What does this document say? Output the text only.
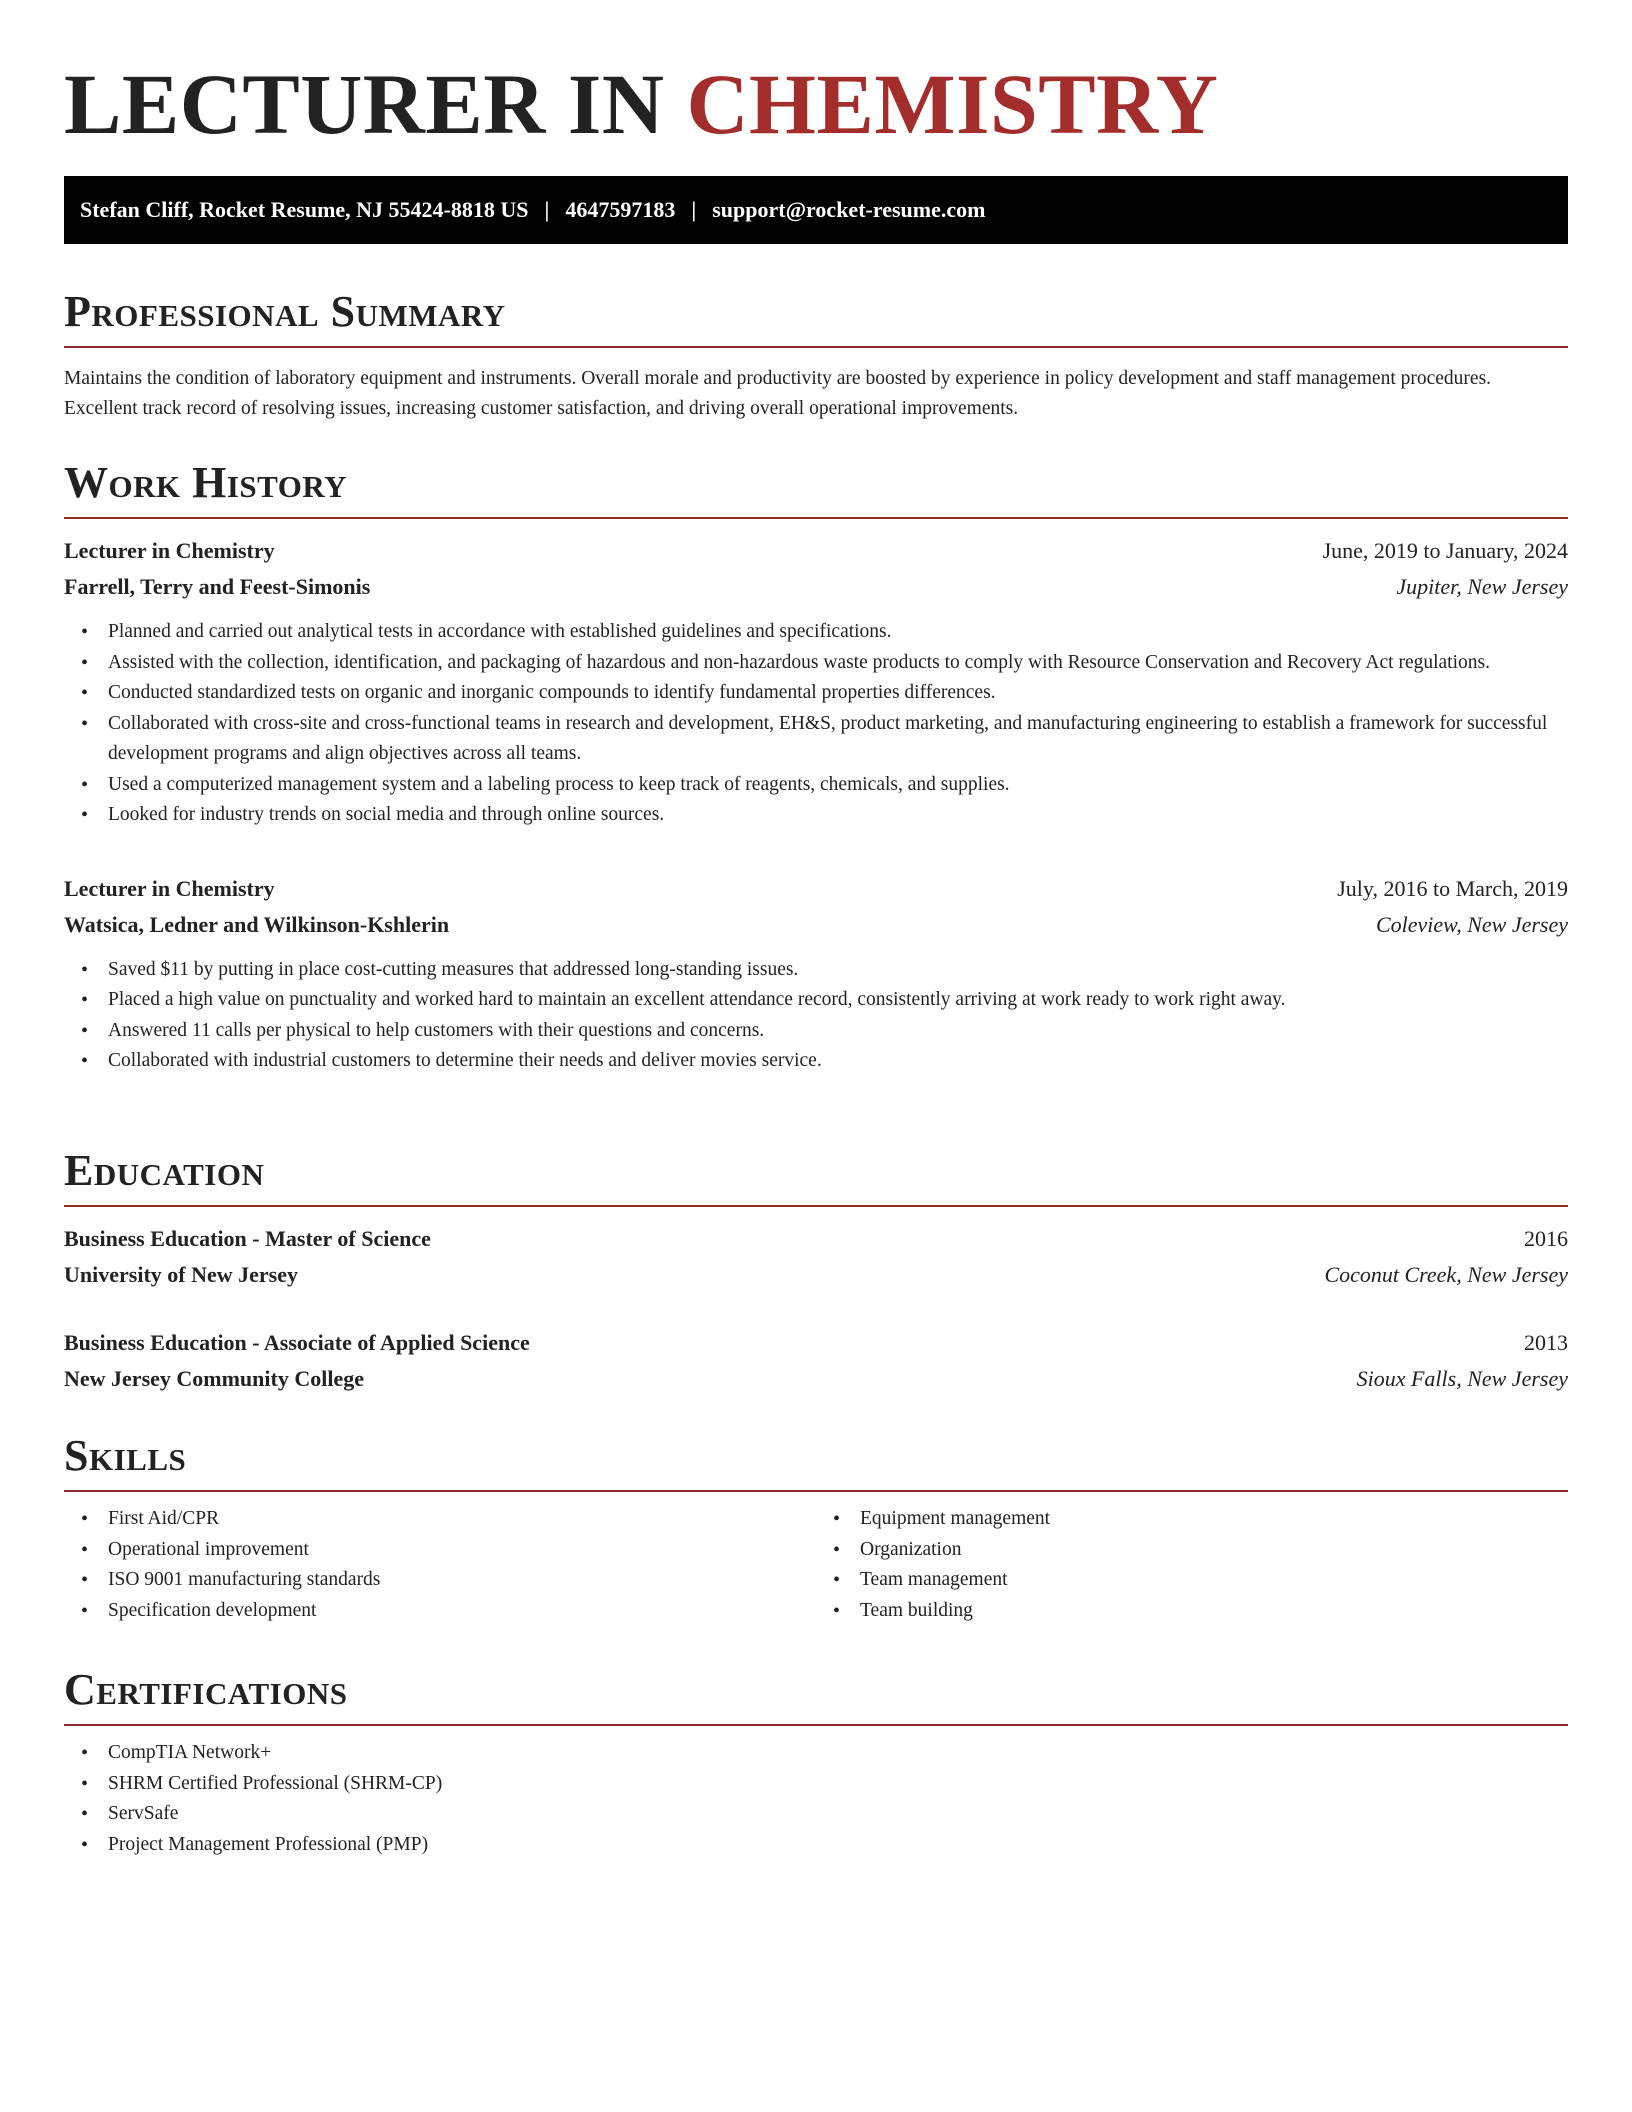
LECTURER IN CHEMISTRY
Stefan Cliff, Rocket Resume, NJ 55424-8818 US | 4647597183 | support@rocket-resume.com
Professional Summary

Maintains the condition of laboratory equipment and instruments. Overall morale and productivity are boosted by experience in policy development and staff management procedures. Excellent track record of resolving issues, increasing customer satisfaction, and driving overall operational improvements.

Work History
Lecturer in Chemistry	June, 2019 to January, 2024
Farrell, Terry and Feest-Simonis	Jupiter, New Jersey
• Planned and carried out analytical tests in accordance with established guidelines and specifications.
• Assisted with the collection, identification, and packaging of hazardous and non-hazardous waste products to comply with Resource Conservation and Recovery Act regulations.
• Conducted standardized tests on organic and inorganic compounds to identify fundamental properties differences.
• Collaborated with cross-site and cross-functional teams in research and development, EH&S, product marketing, and manufacturing engineering to establish a framework for successful development programs and align objectives across all teams.
• Used a computerized management system and a labeling process to keep track of reagents, chemicals, and supplies.
• Looked for industry trends on social media and through online sources.
Lecturer in Chemistry	July, 2016 to March, 2019
Watsica, Ledner and Wilkinson-Kshlerin	Coleview, New Jersey
• Saved $11 by putting in place cost-cutting measures that addressed long-standing issues.
• Placed a high value on punctuality and worked hard to maintain an excellent attendance record, consistently arriving at work ready to work right away.
• Answered 11 calls per physical to help customers with their questions and concerns.
• Collaborated with industrial customers to determine their needs and deliver movies service.
Education
Business Education - Master of Science	2016
University of New Jersey	Coconut Creek, New Jersey
Business Education - Associate of Applied Science	2013
New Jersey Community College	Sioux Falls, New Jersey
Skills
• First Aid/CPR
• Operational improvement
• ISO 9001 manufacturing standards
• Specification development
• Equipment management
• Organization
• Team management
• Team building
Certifications
• CompTIA Network+
• SHRM Certified Professional (SHRM-CP)
• ServSafe
• Project Management Professional (PMP)
